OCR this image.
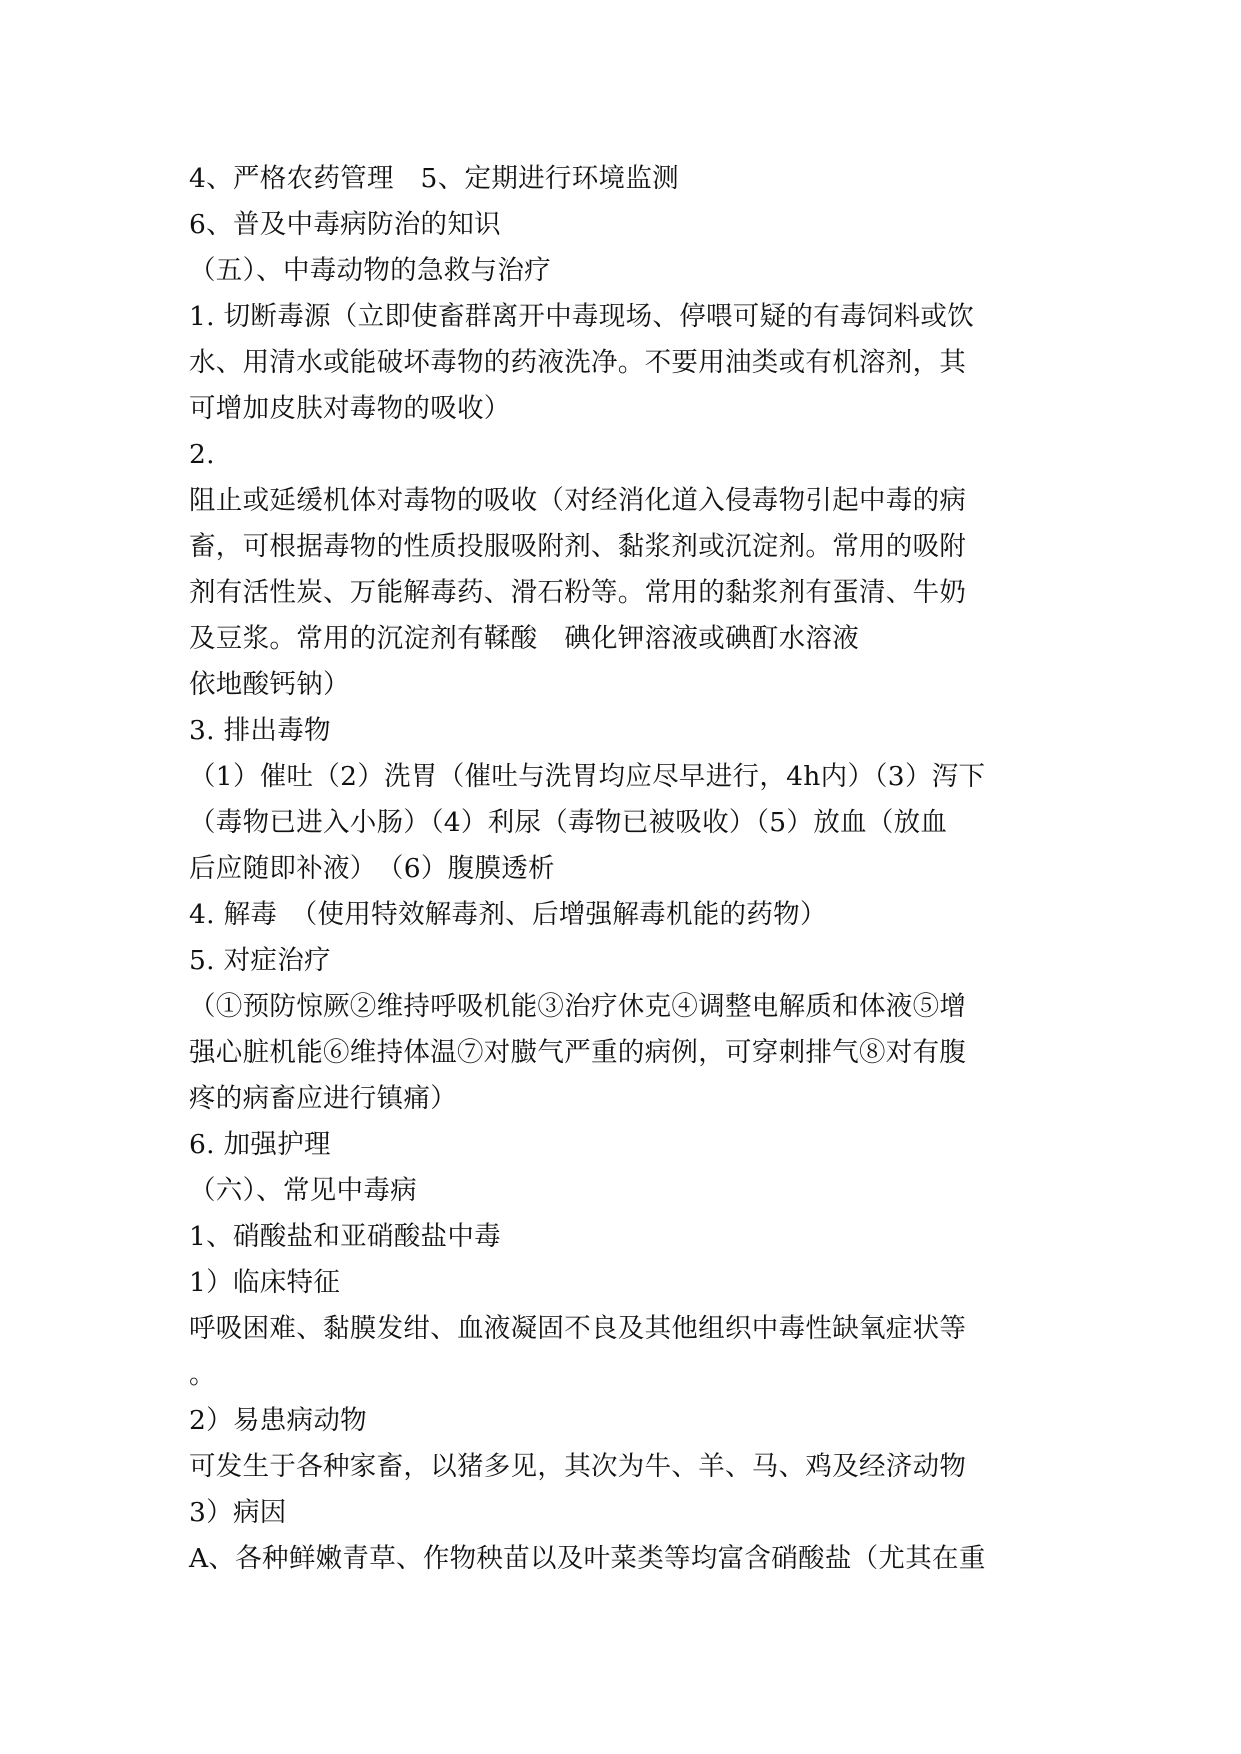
4、严格农药管理　5、定期进行环境监测
6、普及中毒病防治的知识
（五）、中毒动物的急救与治疗
1. 切断毒源（立即使畜群离开中毒现场、停喂可疑的有毒饲料或饮
水、用清水或能破坏毒物的药液洗净。不要用油类或有机溶剂，其
可增加皮肤对毒物的吸收）
2.
阻止或延缓机体对毒物的吸收（对经消化道入侵毒物引起中毒的病
畜，可根据毒物的性质投服吸附剂、黏浆剂或沉淀剂。常用的吸附
剂有活性炭、万能解毒药、滑石粉等。常用的黏浆剂有蛋清、牛奶
及豆浆。常用的沉淀剂有鞣酸　碘化钾溶液或碘酊水溶液
依地酸钙钠）
3. 排出毒物
（1）催吐（2）洗胃（催吐与洗胃均应尽早进行，4h内）（3）泻下
（毒物已进入小肠）（4）利尿（毒物已被吸收）（5）放血（放血
后应随即补液）　（6）腹膜透析
4. 解毒　（使用特效解毒剂、后增强解毒机能的药物）
5. 对症治疗
（①预防惊厥②维持呼吸机能③治疗休克④调整电解质和体液⑤增
强心脏机能⑥维持体温⑦对臌气严重的病例，可穿刺排气⑧对有腹
疼的病畜应进行镇痛）
6. 加强护理
（六）、常见中毒病
1、硝酸盐和亚硝酸盐中毒
1）临床特征
呼吸困难、黏膜发绀、血液凝固不良及其他组织中毒性缺氧症状等
。
2）易患病动物
可发生于各种家畜，以猪多见，其次为牛、羊、马、鸡及经济动物
3）病因
A、各种鲜嫩青草、作物秧苗以及叶菜类等均富含硝酸盐（尤其在重
